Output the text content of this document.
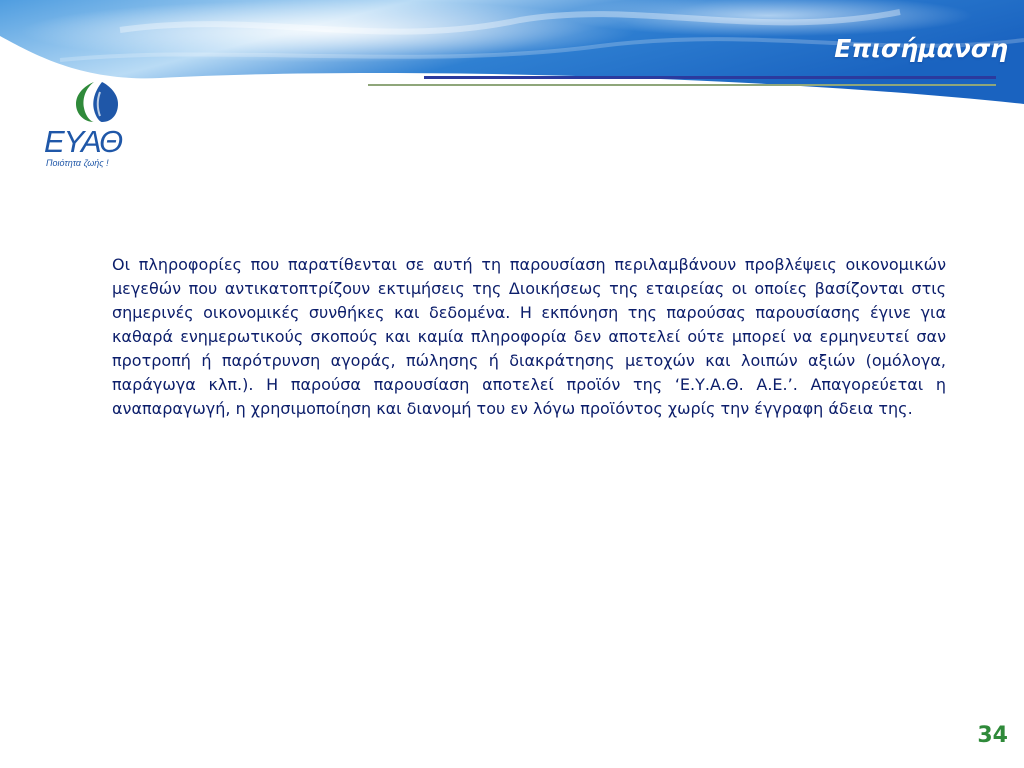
Επισήμανση
ΕΥΑΘ
Ποιότητα ζωής !

Οι πληροφορίες που παρατίθενται σε αυτή τη παρουσίαση περιλαμβάνουν προβλέψεις οικονομικών μεγεθών που αντικατοπτρίζουν εκτιμήσεις της Διοικήσεως της εταιρείας οι οποίες βασίζονται στις σημερινές οικονομικές συνθήκες και δεδομένα. Η εκπόνηση της παρούσας παρουσίασης έγινε για καθαρά ενημερωτικούς σκοπούς και καμία πληροφορία δεν αποτελεί ούτε μπορεί να ερμηνευτεί σαν προτροπή ή παρότρυνση αγοράς, πώλησης ή διακράτησης μετοχών και λοιπών αξιών (ομόλογα, παράγωγα κλπ.). Η παρούσα παρουσίαση αποτελεί προϊόν της ‘Ε.Υ.Α.Θ. Α.Ε.’. Απαγορεύεται η αναπαραγωγή, η χρησιμοποίηση και διανομή του εν λόγω προϊόντος χωρίς την έγγραφη άδεια της.

34
